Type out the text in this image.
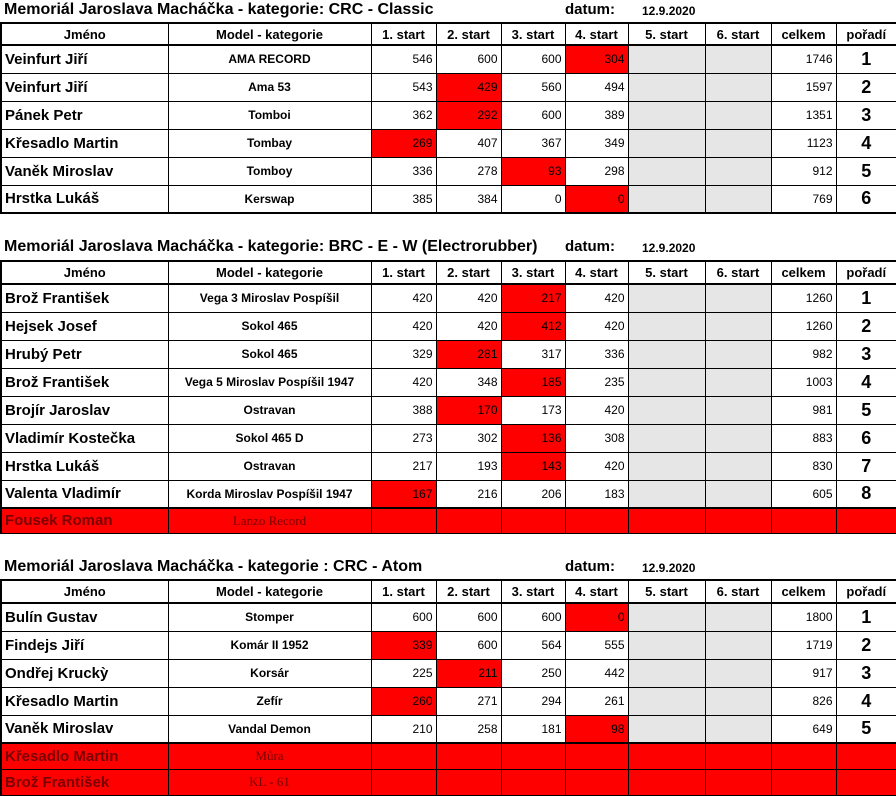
Memoriál Jaroslava Macháčka - kategorie: CRC - Classic	datum: 12.9.2020
Jméno	Model - kategorie	1. start	2. start	3. start	4. start	5. start	6. start	celkem	pořadí
Veinfurt Jiří	AMA RECORD	546	600	600	304			1746	1
Veinfurt Jiří	Ama 53	543	429	560	494			1597	2
Pánek Petr	Tomboi	362	292	600	389			1351	3
Křesadlo Martin	Tombay	269	407	367	349			1123	4
Vaněk Miroslav	Tomboy	336	278	93	298			912	5
Hrstka Lukáš	Kerswap	385	384	0	0			769	6
Memoriál Jaroslava Macháčka - kategorie: BRC - E - W (Electrorubber) datum: 12.9.2020
Jméno	Model - kategorie	1. start	2. start	3. start	4. start	5. start	6. start	celkem	pořadí
Brož František	Vega 3 Miroslav Pospíšil	420	420	217	420			1260	1
Hejsek Josef	Sokol 465	420	420	412	420			1260	2
Hrubý Petr	Sokol 465	329	281	317	336			982	3
Brož František	Vega 5 Miroslav Pospíšil 1947	420	348	185	235			1003	4
Brojír Jaroslav	Ostravan	388	170	173	420			981	5
Vladimír Kostečka	Sokol 465 D	273	302	136	308			883	6
Hrstka Lukáš	Ostravan	217	193	143	420			830	7
Valenta Vladimír	Korda Miroslav Pospíšil 1947	167	216	206	183			605	8
Fousek Roman	Lanzo Record								
Memoriál Jaroslava Macháčka - kategorie : CRC - Atom	datum: 12.9.2020
Jméno	Model - kategorie	1. start	2. start	3. start	4. start	5. start	6. start	celkem	pořadí
Bulín Gustav	Stomper	600	600	600	0			1800	1
Findejs Jiří	Komár II 1952	339	600	564	555			1719	2
Ondřej Kruckỳ	Korsár	225	211	250	442			917	3
Křesadlo Martin	Zefír	260	271	294	261			826	4
Vaněk Miroslav	Vandal Demon	210	258	181	98			649	5
Křesadlo Martin	Můra								
Brož František	KL - 61								
